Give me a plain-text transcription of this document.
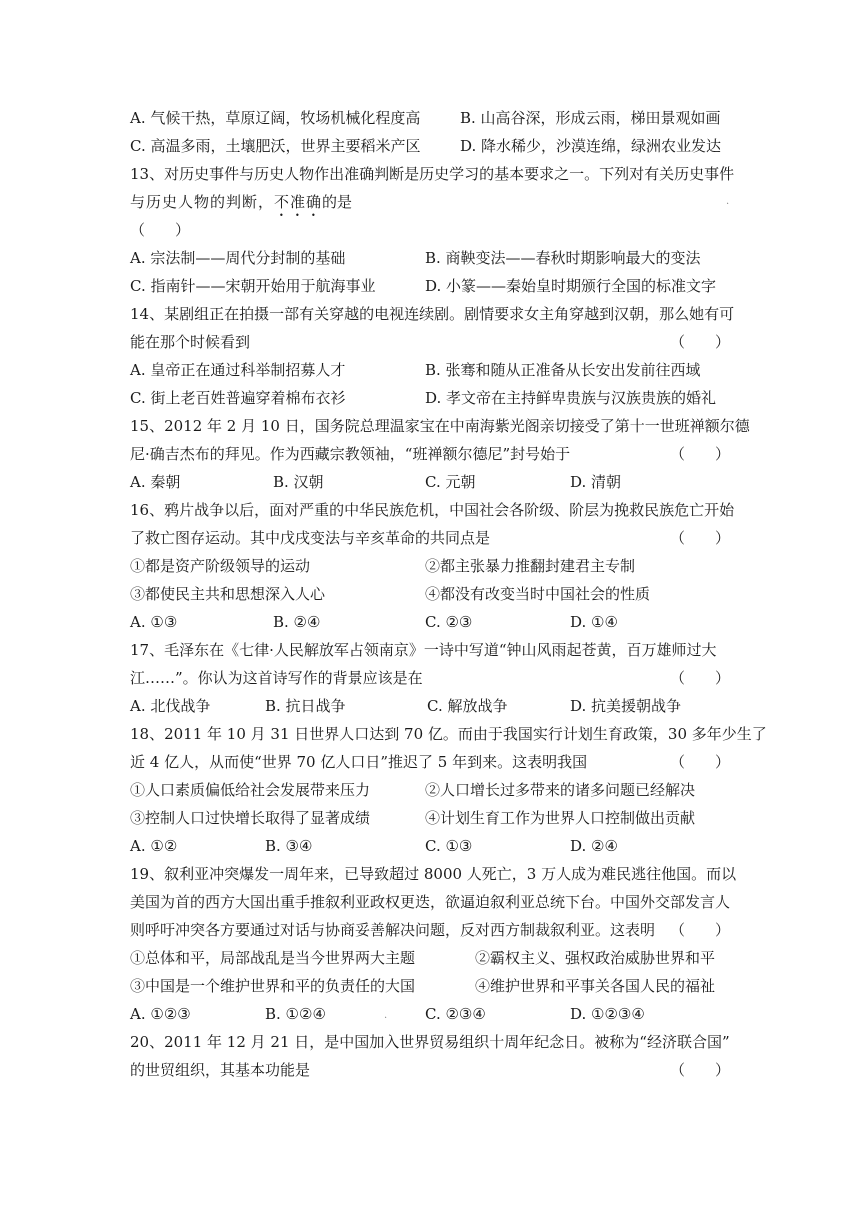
A. 气候干热，草原辽阔，牧场机械化程度高	B. 山高谷深，形成云雨，梯田景观如画
C. 高温多雨，土壤肥沃，世界主要稻米产区	D. 降水稀少，沙漠连绵，绿洲农业发达
13、对历史事件与历史人物作出准确判断是历史学习的基本要求之一。下列对有关历史事件
与历史人物的判断，不准确的是	.
（　　）
A. 宗法制——周代分封制的基础	B. 商鞅变法——春秋时期影响最大的变法
C. 指南针——宋朝开始用于航海事业	D. 小篆——秦始皇时期颁行全国的标准文字
14、某剧组正在拍摄一部有关穿越的电视连续剧。剧情要求女主角穿越到汉朝，那么她有可
能在那个时候看到	（　　）
A. 皇帝正在通过科举制招募人才	B. 张骞和随从正准备从长安出发前往西域
C. 街上老百姓普遍穿着棉布衣衫	D. 孝文帝在主持鲜卑贵族与汉族贵族的婚礼
15、2012 年 2 月 10 日，国务院总理温家宝在中南海紫光阁亲切接受了第十一世班禅额尔德
尼·确吉杰布的拜见。作为西藏宗教领袖，“班禅额尔德尼”封号始于	（　　）
A. 秦朝	B. 汉朝	C. 元朝	D. 清朝
16、鸦片战争以后，面对严重的中华民族危机，中国社会各阶级、阶层为挽救民族危亡开始
了救亡图存运动。其中戊戌变法与辛亥革命的共同点是	（　　）
①都是资产阶级领导的运动	②都主张暴力推翻封建君主专制
③都使民主共和思想深入人心	④都没有改变当时中国社会的性质
A. ①③	B. ②④	C. ②③	D. ①④
17、毛泽东在《七律·人民解放军占领南京》一诗中写道“钟山风雨起苍黄，百万雄师过大
江……”。你认为这首诗写作的背景应该是在	（　　）
A. 北伐战争	B. 抗日战争	C. 解放战争	D. 抗美援朝战争
18、2011 年 10 月 31 日世界人口达到 70 亿。而由于我国实行计划生育政策，30 多年少生了
近 4 亿人，从而使“世界 70 亿人口日”推迟了 5 年到来。这表明我国	（　　）
①人口素质偏低给社会发展带来压力	②人口增长过多带来的诸多问题已经解决
③控制人口过快增长取得了显著成绩	④计划生育工作为世界人口控制做出贡献
A. ①②	B. ③④	C. ①③	D. ②④
19、叙利亚冲突爆发一周年来，已导致超过 8000 人死亡，3 万人成为难民逃往他国。而以
美国为首的西方大国出重手推叙利亚政权更迭，欲逼迫叙利亚总统下台。中国外交部发言人
则呼吁冲突各方要通过对话与协商妥善解决问题，反对西方制裁叙利亚。这表明 （　　）
①总体和平，局部战乱是当今世界两大主题	②霸权主义、强权政治威胁世界和平
③中国是一个维护世界和平的负责任的大国	④维护世界和平事关各国人民的福祉
A. ①②③	B. ①②④	C. ②③④	D. ①②③④
.
20、2011 年 12 月 21 日，是中国加入世界贸易组织十周年纪念日。被称为“经济联合国”
的世贸组织，其基本功能是	（　　）
